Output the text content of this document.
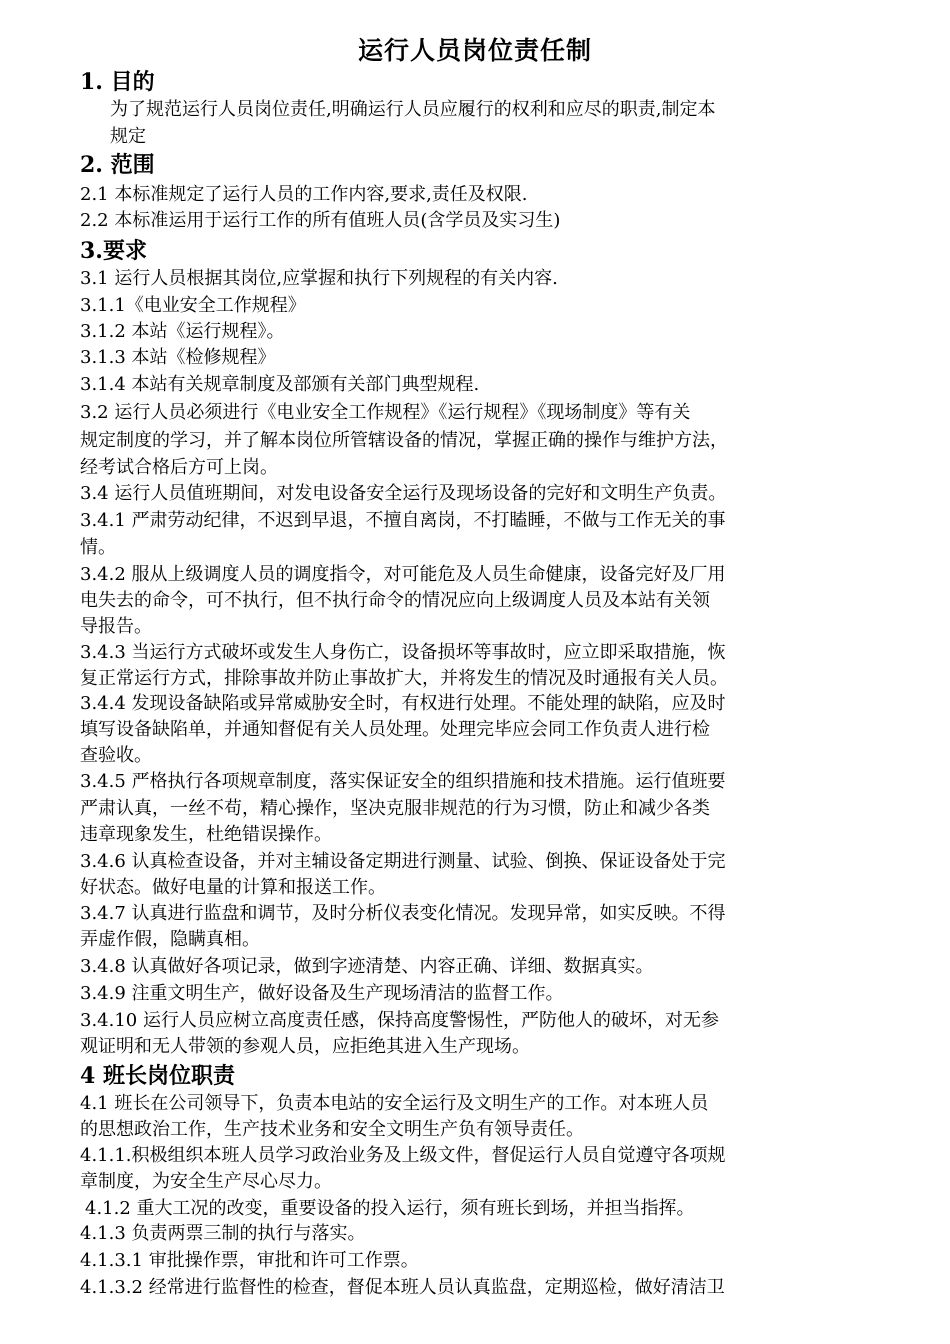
运行人员岗位责任制
1. 目的
为了规范运行人员岗位责任,明确运行人员应履行的权利和应尽的职责,制定本
规定
2. 范围
2.1 本标准规定了运行人员的工作内容,要求,责任及权限.
2.2 本标准运用于运行工作的所有值班人员(含学员及实习生)
3.要求
3.1 运行人员根据其岗位,应掌握和执行下列规程的有关内容.
3.1.1《电业安全工作规程》
3.1.2 本站《运行规程》。
3.1.3 本站《检修规程》
3.1.4 本站有关规章制度及部颁有关部门典型规程.
3.2 运行人员必须进行《电业安全工作规程》《运行规程》《现场制度》等有关
规定制度的学习，并了解本岗位所管辖设备的情况，掌握正确的操作与维护方法，
经考试合格后方可上岗。
3.4 运行人员值班期间，对发电设备安全运行及现场设备的完好和文明生产负责。
3.4.1 严肃劳动纪律，不迟到早退，不擅自离岗，不打瞌睡，不做与工作无关的事
情。
3.4.2 服从上级调度人员的调度指令，对可能危及人员生命健康，设备完好及厂用
电失去的命令，可不执行，但不执行命令的情况应向上级调度人员及本站有关领
导报告。
3.4.3 当运行方式破坏或发生人身伤亡，设备损坏等事故时，应立即采取措施，恢
复正常运行方式，排除事故并防止事故扩大，并将发生的情况及时通报有关人员。
3.4.4 发现设备缺陷或异常威胁安全时，有权进行处理。不能处理的缺陷，应及时
填写设备缺陷单，并通知督促有关人员处理。处理完毕应会同工作负责人进行检
查验收。
3.4.5 严格执行各项规章制度，落实保证安全的组织措施和技术措施。运行值班要
严肃认真，一丝不苟，精心操作，坚决克服非规范的行为习惯，防止和减少各类
违章现象发生，杜绝错误操作。
3.4.6 认真检查设备，并对主辅设备定期进行测量、试验、倒换、保证设备处于完
好状态。做好电量的计算和报送工作。
3.4.7 认真进行监盘和调节，及时分析仪表变化情况。发现异常，如实反映。不得
弄虚作假，隐瞒真相。
3.4.8 认真做好各项记录，做到字迹清楚、内容正确、详细、数据真实。
3.4.9 注重文明生产，做好设备及生产现场清洁的监督工作。
3.4.10 运行人员应树立高度责任感，保持高度警惕性，严防他人的破坏，对无参
观证明和无人带领的参观人员，应拒绝其进入生产现场。
4 班长岗位职责
4.1 班长在公司领导下，负责本电站的安全运行及文明生产的工作。对本班人员
的思想政治工作，生产技术业务和安全文明生产负有领导责任。
4.1.1.积极组织本班人员学习政治业务及上级文件，督促运行人员自觉遵守各项规
章制度，为安全生产尽心尽力。
4.1.2 重大工况的改变，重要设备的投入运行，须有班长到场，并担当指挥。
4.1.3 负责两票三制的执行与落实。
4.1.3.1 审批操作票，审批和许可工作票。
4.1.3.2 经常进行监督性的检查，督促本班人员认真监盘，定期巡检，做好清洁卫
